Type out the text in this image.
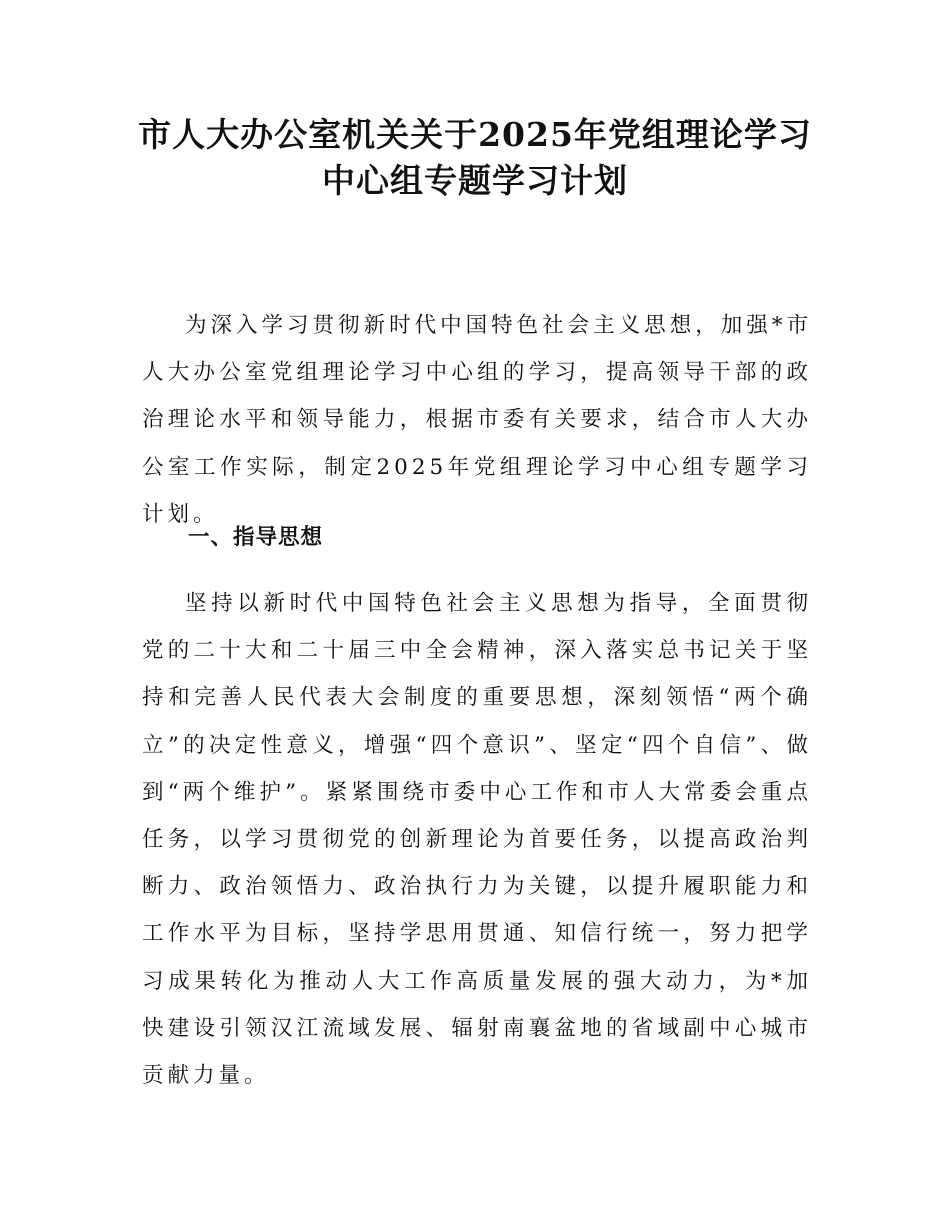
市人大办公室机关关于2025年党组理论学习
中心组专题学习计划

为深入学习贯彻新时代中国特色社会主义思想，加强*市人大办公室党组理论学习中心组的学习，提高领导干部的政治理论水平和领导能力，根据市委有关要求，结合市人大办公室工作实际，制定2025年党组理论学习中心组专题学习计划。

一、指导思想

坚持以新时代中国特色社会主义思想为指导，全面贯彻党的二十大和二十届三中全会精神，深入落实总书记关于坚持和完善人民代表大会制度的重要思想，深刻领悟“两个确立”的决定性意义，增强“四个意识”、坚定“四个自信”、做到“两个维护”。紧紧围绕市委中心工作和市人大常委会重点任务，以学习贯彻党的创新理论为首要任务，以提高政治判断力、政治领悟力、政治执行力为关键，以提升履职能力和工作水平为目标，坚持学思用贯通、知信行统一，努力把学习成果转化为推动人大工作高质量发展的强大动力，为*加快建设引领汉江流域发展、辐射南襄盆地的省域副中心城市贡献力量。
